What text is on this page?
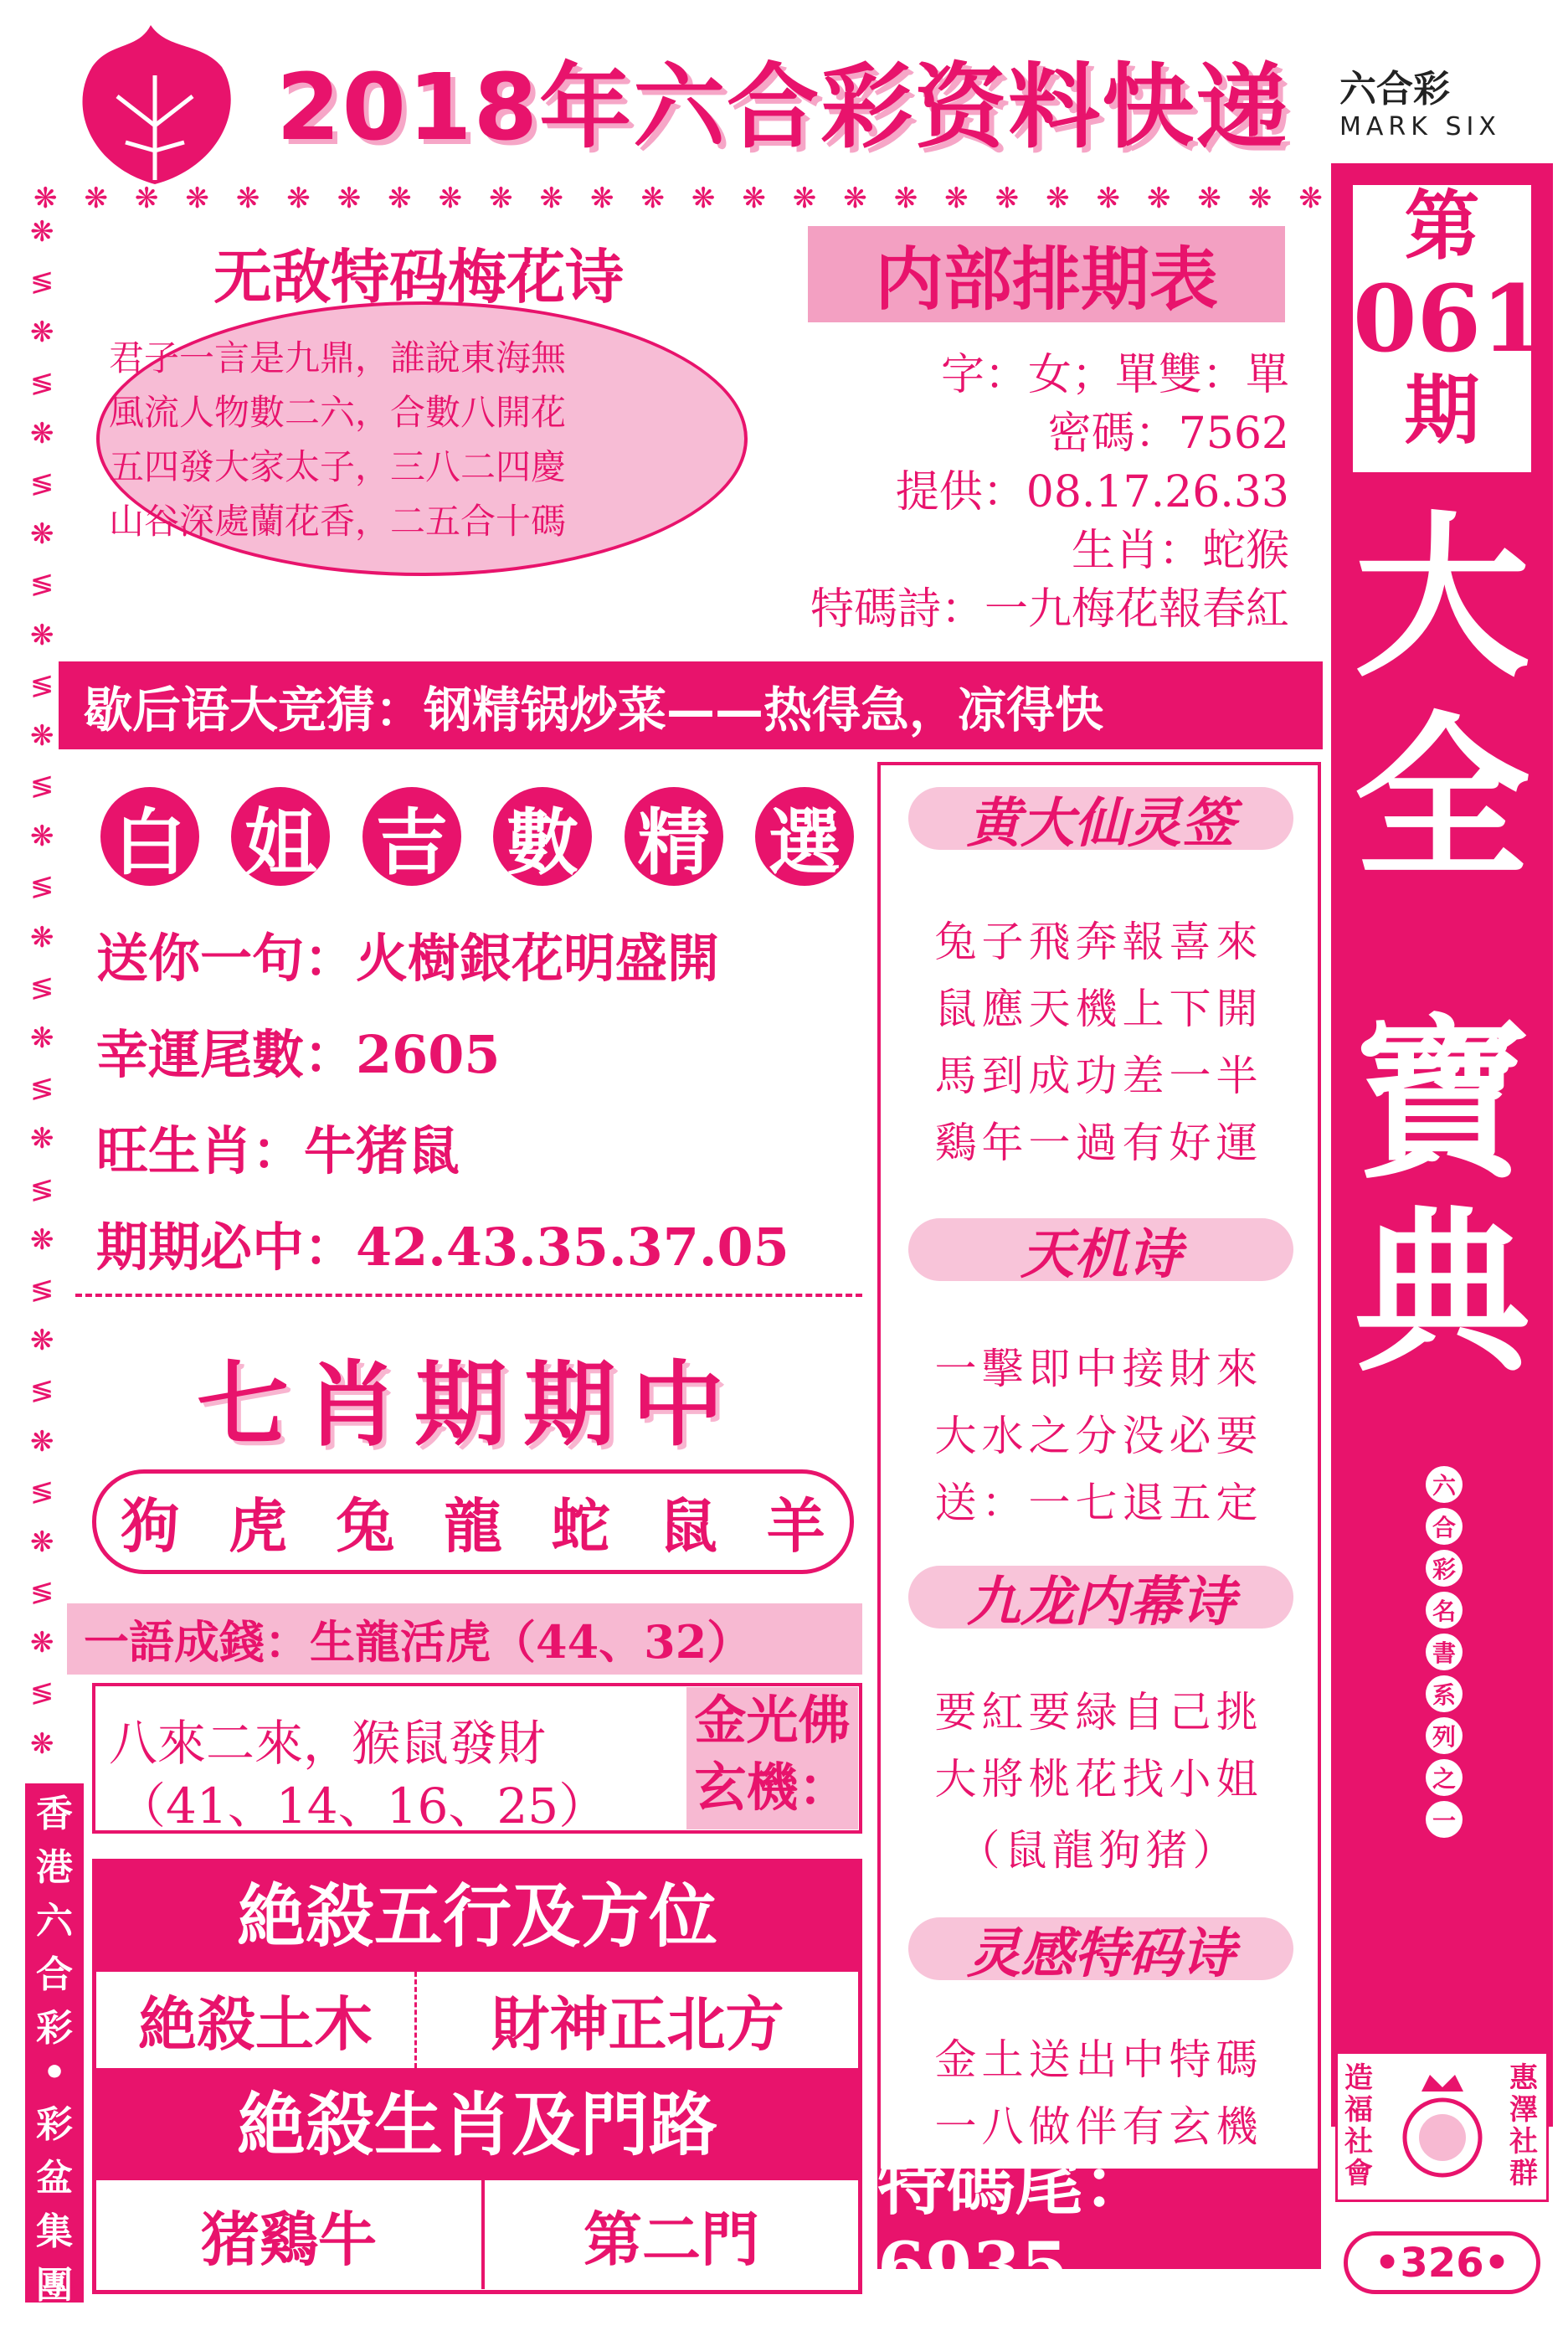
2018年六合彩资料快递	六合彩
MARK SIX
❋ ❋ ❋ ❋ ❋ ❋ ❋ ❋ ❋ ❋ ❋ ❋ ❋ ❋ ❋ ❋ ❋ ❋ ❋ ❋ ❋ ❋ ❋ ❋ ❋ ❋
❋
≶
❋
≶
❋
≶
❋
≶
❋
≶
❋
≶
❋
≶
❋
≶
❋
≶
❋
≶
❋
≶
❋
≶
❋
≶
❋
≶
❋
≶
❋
第
061
期
大
全
寶
典
六
合
彩
名
書
系
列
之
一
造福社會
惠澤社群
•326•
香
港
六
合
彩
•
彩
盆
集
團
无敌特码梅花诗
君子一言是九鼎，誰說東海無
風流人物數二六，合數八開花
五四發大家太子，三八二四慶
山谷深處蘭花香，二五合十碼
内部排期表
字：女；單雙：單
密碼：7562
提供：08.17.26.33
生肖：蛇猴
特碼詩：一九梅花報春紅
歇后语大竞猜：钢精锅炒菜——热得急，凉得快
白 姐 吉 數 精 選
送你一句：火樹銀花明盛開
幸運尾數：2605
旺生肖：牛猪鼠
期期必中：42.43.35.37.05
七肖期期中
狗 虎 兔 龍 蛇 鼠 羊
一語成錢：生龍活虎（44、32）
八來二來，猴鼠發財
（41、14、16、25）
金光佛玄機：
絶殺五行及方位
絶殺土木	財神正北方
絶殺生肖及門路
猪鷄牛	第二門
黄大仙灵签
兔子飛奔報喜來
鼠應天機上下開
馬到成功差一半
鷄年一過有好運
天机诗
一擊即中接財來
大水之分没必要
送：一七退五定
九龙内幕诗
要紅要緑自己挑
大將桃花找小姐
（鼠龍狗猪）
灵感特码诗
金土送出中特碼
一八做伴有玄機
特碼尾：6935
